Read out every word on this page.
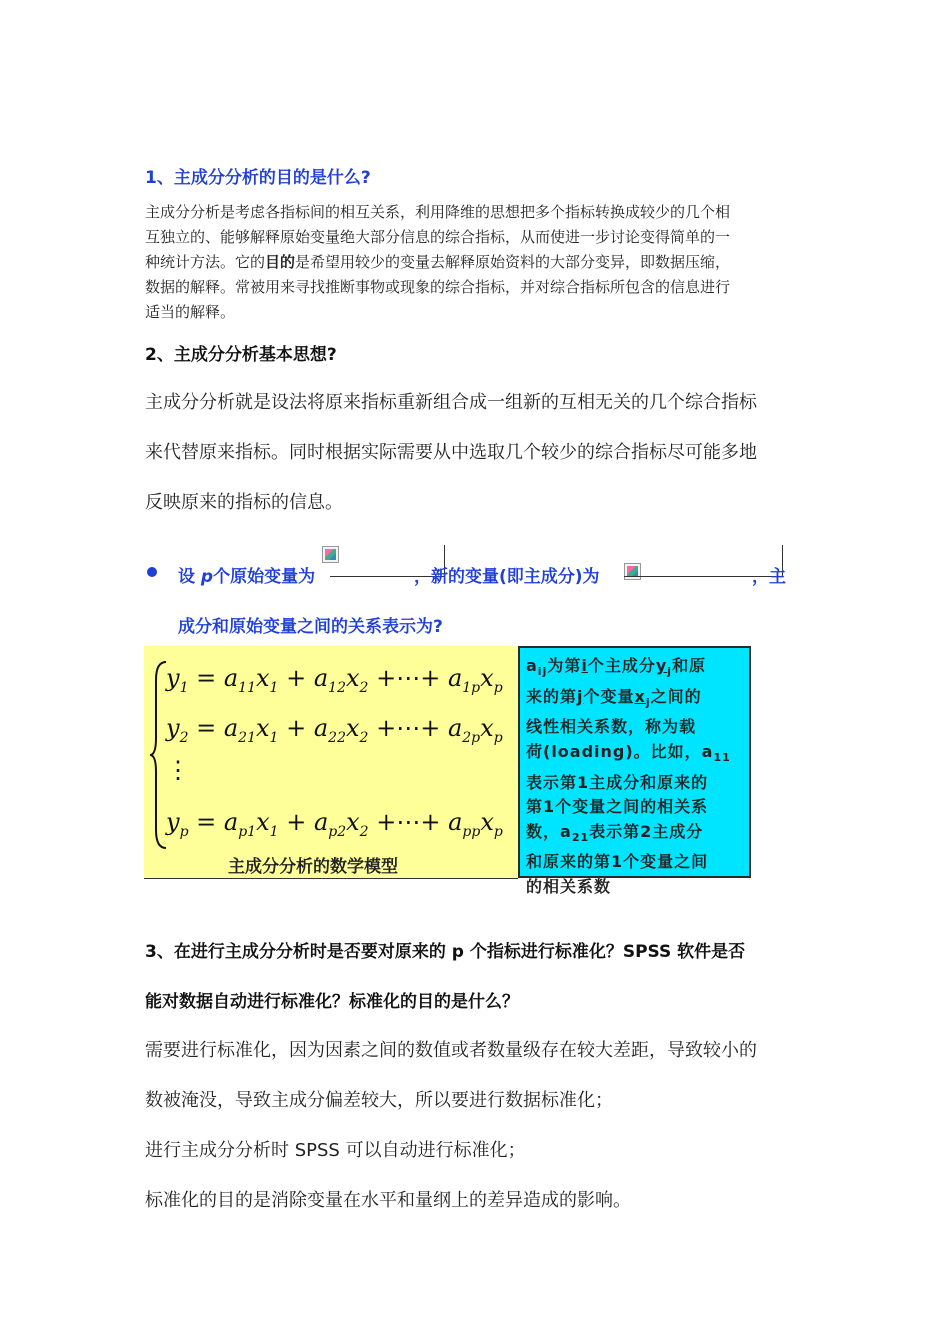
1、主成分分析的目的是什么?
主成分分析是考虑各指标间的相互关系，利用降维的思想把多个指标转换成较少的几个相
互独立的、能够解释原始变量绝大部分信息的综合指标，从而使进一步讨论变得简单的一
种统计方法。它的目的是希望用较少的变量去解释原始资料的大部分变异，即数据压缩，
数据的解释。常被用来寻找推断事物或现象的综合指标，并对综合指标所包含的信息进行
适当的解释。
2、主成分分析基本思想?
主成分分析就是设法将原来指标重新组合成一组新的互相无关的几个综合指标
来代替原来指标。同时根据实际需要从中选取几个较少的综合指标尽可能多地
反映原来的指标的信息。
设 p个原始变量为	，新的变量(即主成分)为	，主
成分和原始变量之间的关系表示为?
$y_1 = a_{11}x_1 + a_{12}x_2$ +⋯+ $a_{1p}x_p$
$y_2 = a_{21}x_1 + a_{22}x_2$ +⋯+ $a_{2p}x_p$
⋮
$y_p = a_{p1}x_1 + a_{p2}x_2$ +⋯+ $a_{pp}x_p$
主成分分析的数学模型
$a_{ij}$为第i个主成分$y_j$和原
来的第j个变量$x_j$之间的
线性相关系数，称为载
荷(loading)。比如，$a_{11}$
表示第1主成分和原来的
第1个变量之间的相关系
数，$a_{21}$表示第2主成分
和原来的第1个变量之间
的相关系数
3、在进行主成分分析时是否要对原来的 p 个指标进行标准化？SPSS 软件是否
能对数据自动进行标准化？标准化的目的是什么？
需要进行标准化，因为因素之间的数值或者数量级存在较大差距，导致较小的
数被淹没，导致主成分偏差较大，所以要进行数据标准化；
进行主成分分析时 SPSS 可以自动进行标准化；
标准化的目的是消除变量在水平和量纲上的差异造成的影响。
